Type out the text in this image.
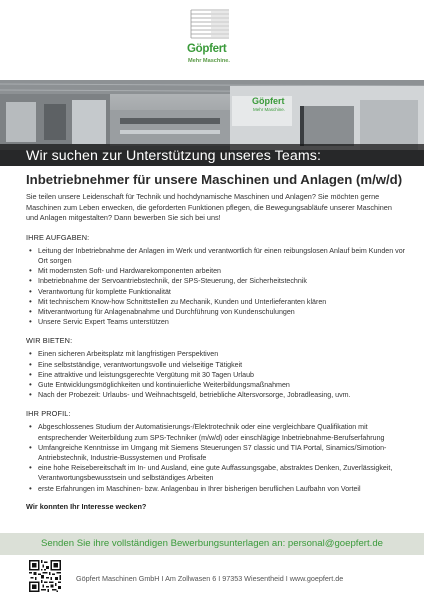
Göpfert
Mehr Maschine.
Göpfert
Mehr Maschine.
Wir suchen zur Unterstützung unseres Teams:
Inbetriebnehmer für unsere Maschinen und Anlagen (m/w/d)

Sie teilen unsere Leidenschaft für Technik und hochdynamische Maschinen und Anlagen? Sie möchten gerne Maschinen zum Leben erwecken, die geforderten Funktionen pflegen, die Bewegungsabläufe unserer Maschinen und Anlagen mitgestalten? Dann bewerben Sie sich bei uns!

IHRE AUFGABEN:
• Leitung der Inbetriebnahme der Anlagen im Werk und verantwortlich für einen reibungslosen Anlauf beim Kunden vor Ort sorgen
• Mit modernsten Soft- und Hardwarekomponenten arbeiten
• Inbetriebnahme der Servoantriebstechnik, der SPS-Steuerung, der Sicherheitstechnik
• Verantwortung für komplette Funktionalität
• Mit technischem Know-how Schnittstellen zu Mechanik, Kunden und Unterlieferanten klären
• Mitverantwortung für Anlagenabnahme und Durchführung von Kundenschulungen
• Unsere Servic Expert Teams unterstützen
WIR BIETEN:
• Einen sicheren Arbeitsplatz mit langfristigen Perspektiven
• Eine selbstständige, verantwortungsvolle und vielseitige Tätigkeit
• Eine attraktive und leistungsgerechte Vergütung mit 30 Tagen Urlaub
• Gute Entwicklungsmöglichkeiten und kontinuierliche Weiterbildungsmaßnahmen
• Nach der Probezeit: Urlaubs- und Weihnachtsgeld, betriebliche Altersvorsorge, Jobradleasing, uvm.
IHR PROFIL:
• Abgeschlossenes Studium der Automatisierungs-/Elektrotechnik oder eine vergleichbare Qualifikation mit entsprechender Weiterbildung zum SPS-Techniker (m/w/d) oder einschlägige Inbetriebnahme-Berufserfahrung
• Umfangreiche Kenntnisse im Umgang mit Siemens Steuerungen S7 classic und TIA Portal, Sinamics/Simotion-Antriebstechnik, Industrie-Bussystemen und Profisafe
• eine hohe Reisebereitschaft im In- und Ausland, eine gute Auffassungsgabe, abstraktes Denken, Zuverlässigkeit, Verantwortungsbewusstsein und selbständiges Arbeiten
• erste Erfahrungen im Maschinen- bzw. Anlagenbau in Ihrer bisherigen beruflichen Laufbahn von Vorteil

Wir konnten Ihr Interesse wecken?

Senden Sie ihre vollständigen Bewerbungsunterlagen an: personal@goepfert.de
Göpfert Maschinen GmbH I Am Zollwasen 6 I 97353 Wiesentheid I www.goepfert.de
